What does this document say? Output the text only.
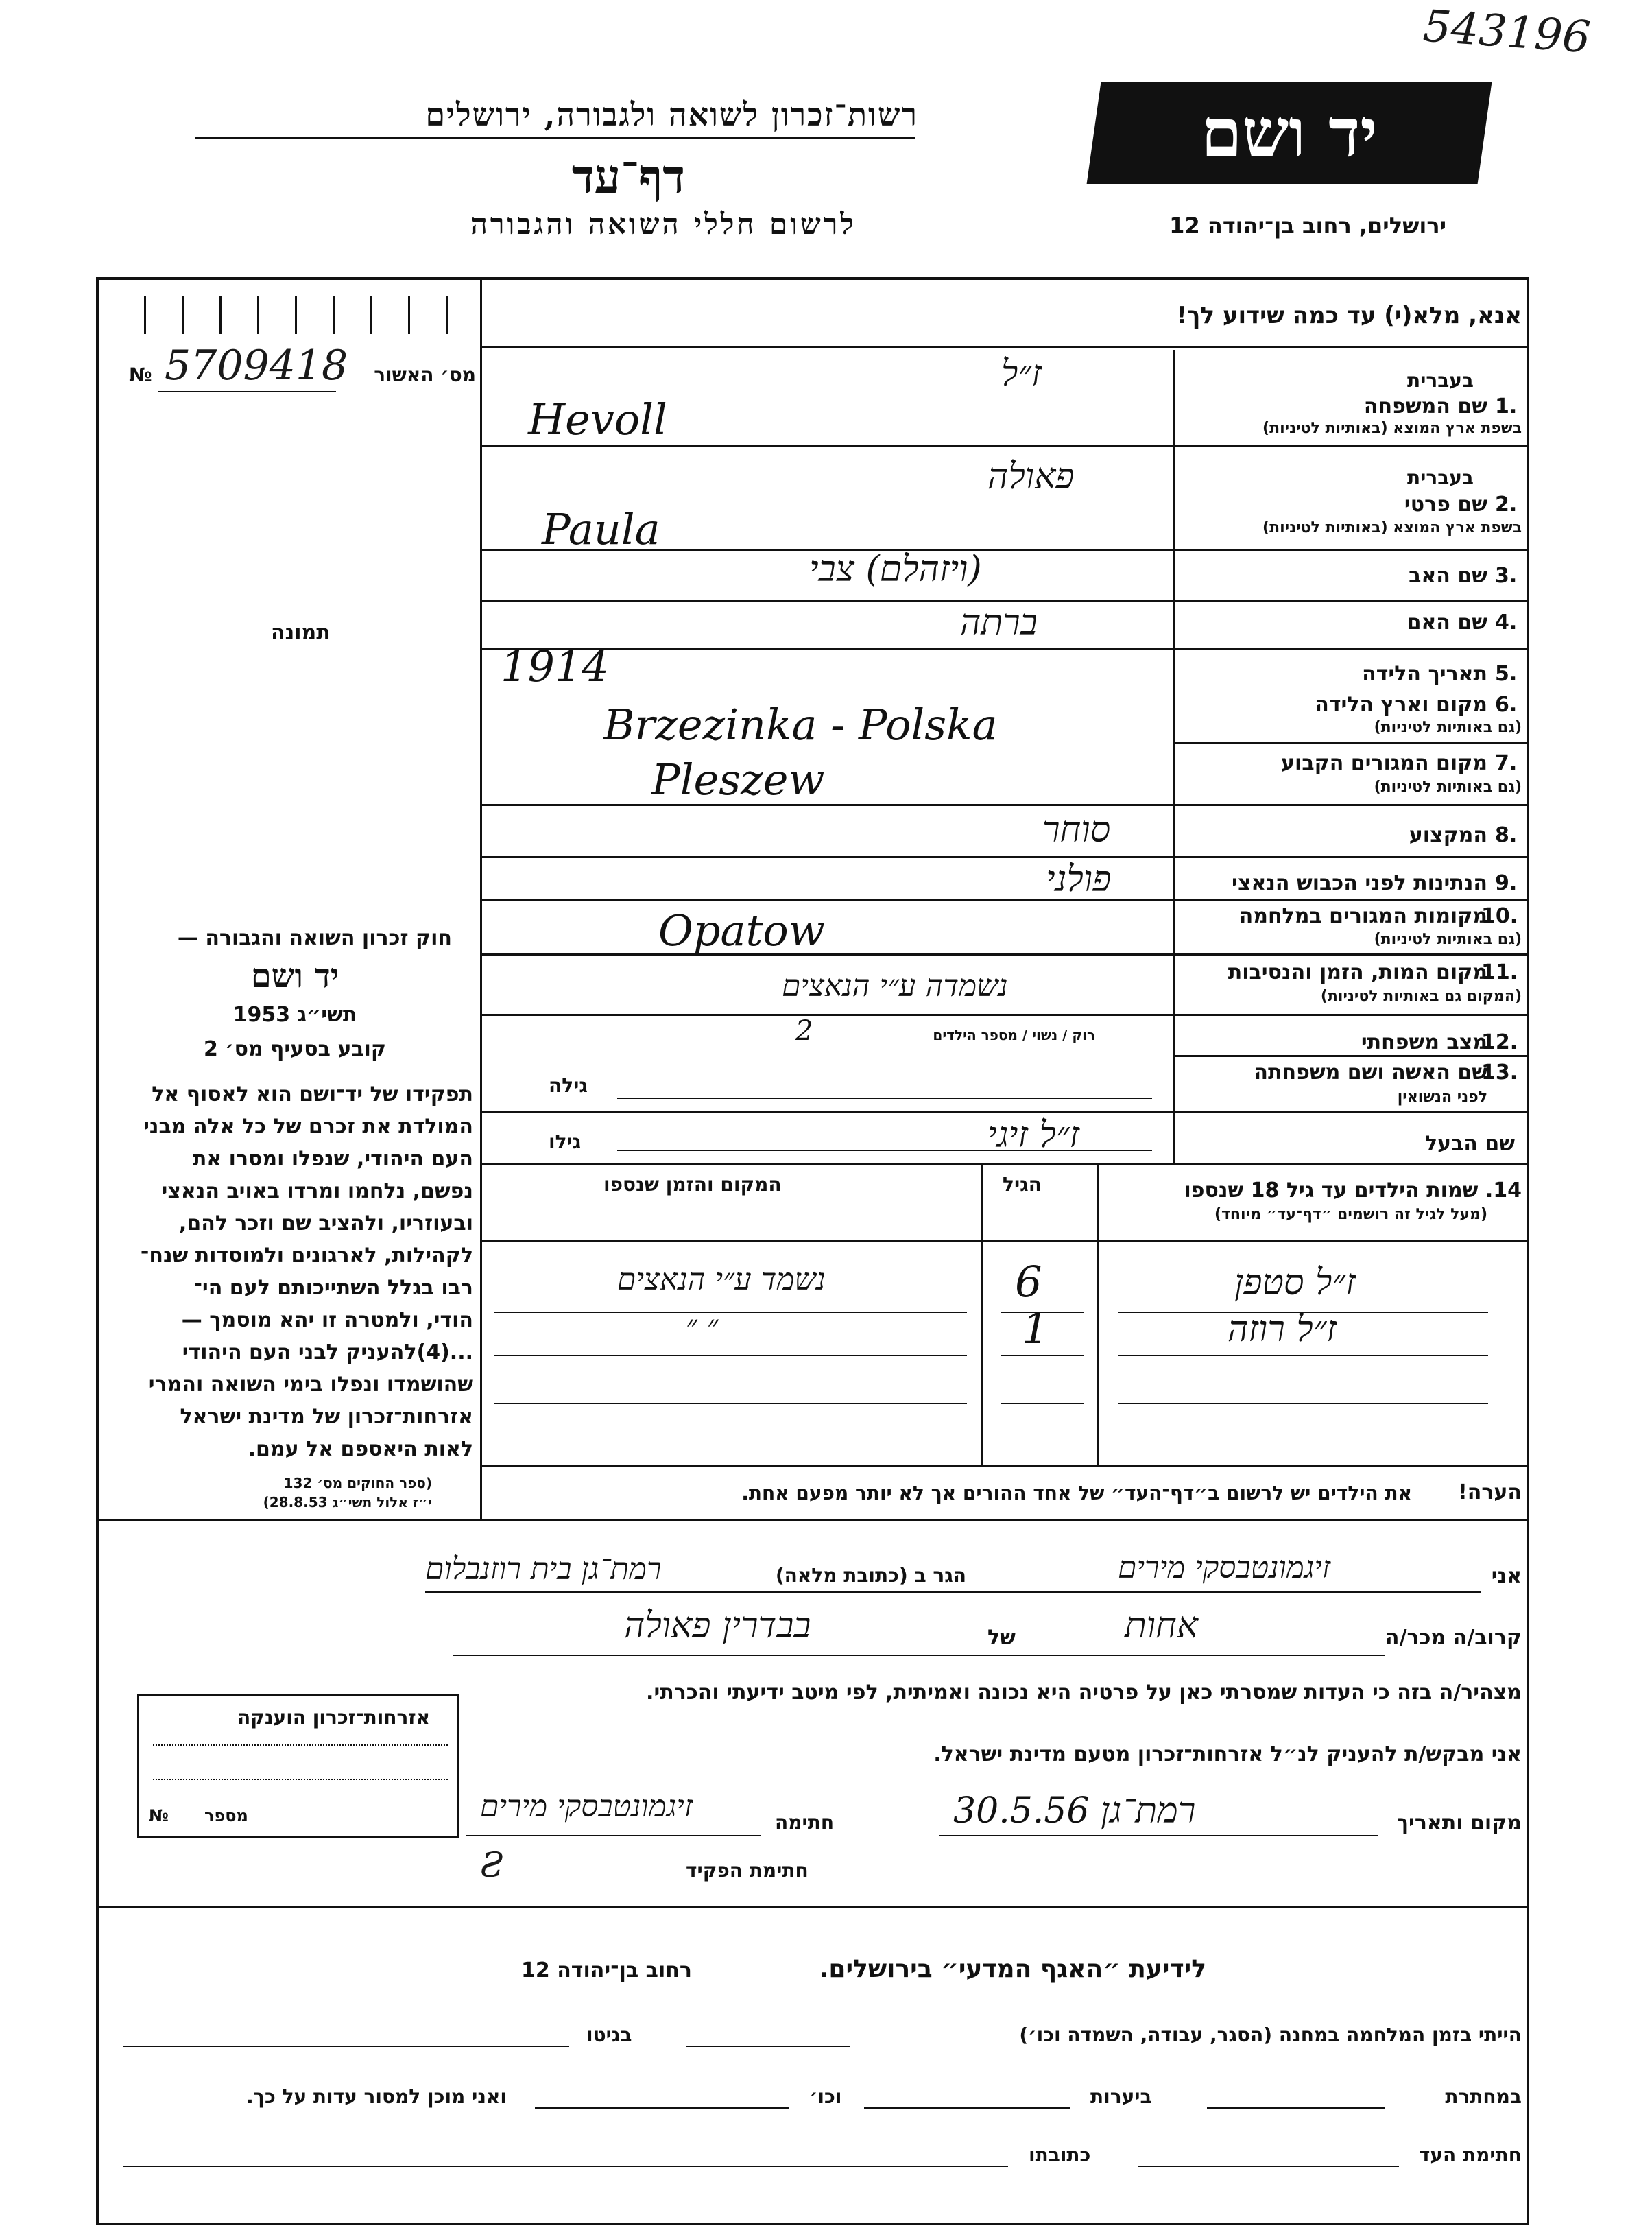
543196
רשות־זכרון לשואה ולגבורה, ירושלים
דף־עד
לרשום חללי השואה והגבורה
יד ושם
ירושלים, רחוב בן־יהודה 12
אנא, מלא(י) עד כמה שידוע לך!
מס׳ האשור
№ 5709418
תמונה
חוק זכרון השואה והגבורה —
יד ושם
תשי״ג 1953
קובע בסעיף מס׳ 2
תפקידו של יד־ושם הוא לאסוף אל
המולדת את זכרם של כל אלה מבני
העם היהודי, שנפלו ומסרו את
נפשם, נלחמו ומרדו באויב הנאצי
ובעוזריו, ולהציב שם וזכר להם,
לקהילות, לארגונים ולמוסדות שנח־
רבו בגלל השתייכותם לעם הי־
הודי, ולמטרה זו יהא מוסמך —
...(4)להעניק לבני העם היהודי
שהושמדו ונפלו בימי השואה והמרי
אזרחות־זכרון של מדינת ישראל
לאות היאספם אל עמם.
(ספר החוקים מס׳ 132
י״ז אלול תשי״ג 28.8.53)
בעברית
שם המשפחה 1.
בשפת ארץ המוצא (באותיות לטיניות)
בעברית
שם פרטי 2.
בשפת ארץ המוצא (באותיות לטיניות)
שם האב 3.
שם האם 4.
תאריך הלידה 5.
מקום וארץ הלידה 6.
(גם באותיות לטיניות)
מקום המגורים הקבוע 7.
(גם באותיות לטיניות)
המקצוע 8.
הנתינות לפני הכבוש הנאצי 9.
מקומות המגורים במלחמה
10.
(גם באותיות לטיניות)
מקום המות, הזמן והנסיבות
11.
(המקום גם באותיות לטיניות)
מצב משפחתי
12.
שם האשה ושם משפחתה
13.
לפני הנשואין
שם הבעל
רוק / נשוי / מספר הילדים
גילה
גילו
ז״ל
Hevoll
פאולה
Paula
(ויזהלם) צבי
ברתה
1914
Brzezinka - Polska
Pleszew
סוחר
פולני
Opatow
נשמדה ע״י הנאצים
2
ז״ל זיגי
14. שמות הילדים עד גיל 18 שנספו
(מעל לגיל זה רושמים ״דף־עד״ מיוחד)
הגיל
המקום והזמן שנספו
ז״ל סטפן
6
נשמד ע״י הנאצים
ז״ל רוזה
1
״ ״
הערה!
את הילדים יש לרשום ב״דף־העד״ של אחד ההורים אך לא יותר מפעם אחת.
אני
זיגמונטבסקי מירים
הגר ב (כתובת מלאה)
רמת־גן בית רוזנבלום
קרוב/ה מכר/ה
אחות
של
בבדרין פאולה
מצהיר/ה בזה כי העדות שמסרתי כאן על פרטיה היא נכונה ואמיתית, לפי מיטב ידיעתי והכרתי.
אני מבקש/ת להעניק לנ״ל אזרחות־זכרון מטעם מדינת ישראל.
מקום ותאריך
רמת־גן 30.5.56
חתימה
זיגמונטבסקי מירים
חתימת הפקיד
Ƨ
אזרחות־זכרון הוענקה
№ מספר
לידיעת ״האגף המדעי״ בירושלים.
רחוב בן־יהודה 12
הייתי בזמן המלחמה במחנה (הסגר, עבודה, השמדה וכו׳)
בגיטו
במחתרת
ביערות
וכו׳
ואני מוכן למסור עדות על כך.
חתימת העד
כתובתו
